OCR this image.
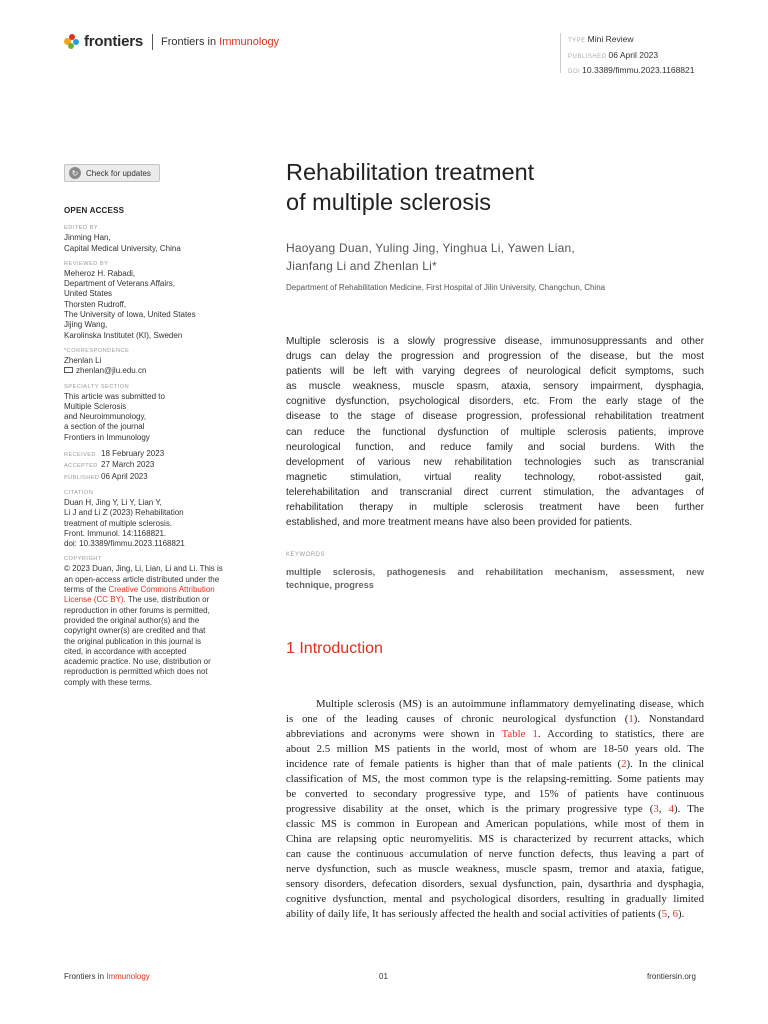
frontiers Frontiers in Immunology	TYPE Mini Review
PUBLISHED 06 April 2023
DOI 10.3389/fimmu.2023.1168821
↻ Check for updates
OPEN ACCESS
EDITED BY
Jinming Han,
Capital Medical University, China
REVIEWED BY
Meheroz H. Rabadi,
Department of Veterans Affairs,
United States
Thorsten Rudroff,
The University of Iowa, United States
Jijing Wang,
Karolinska Institutet (KI), Sweden
*CORRESPONDENCE
Zhenlan Li
zhenlan@jlu.edu.cn
SPECIALTY SECTION
This article was submitted to
Multiple Sclerosis
and Neuroimmunology,
a section of the journal
Frontiers in Immunology
RECEIVED 18 February 2023
ACCEPTED 27 March 2023
PUBLISHED 06 April 2023
CITATION
Duan H, Jing Y, Li Y, Lian Y,
Li J and Li Z (2023) Rehabilitation
treatment of multiple sclerosis.
Front. Immunol. 14:1168821.
doi: 10.3389/fimmu.2023.1168821
COPYRIGHT
© 2023 Duan, Jing, Li, Lian, Li and Li. This is
an open-access article distributed under the
terms of the Creative Commons Attribution
License (CC BY). The use, distribution or
reproduction in other forums is permitted,
provided the original author(s) and the
copyright owner(s) are credited and that
the original publication in this journal is
cited, in accordance with accepted
academic practice. No use, distribution or
reproduction is permitted which does not
comply with these terms.
Rehabilitation treatment
of multiple sclerosis
Haoyang Duan, Yuling Jing, Yinghua Li, Yawen Lian,
Jianfang Li and Zhenlan Li*
Department of Rehabilitation Medicine, First Hospital of Jilin University, Changchun, China
Multiple sclerosis is a slowly progressive disease, immunosuppressants and other
drugs can delay the progression and progression of the disease, but the most
patients will be left with varying degrees of neurological deficit symptoms, such
as muscle weakness, muscle spasm, ataxia, sensory impairment, dysphagia,
cognitive dysfunction, psychological disorders, etc. From the early stage of the
disease to the stage of disease progression, professional rehabilitation treatment
can reduce the functional dysfunction of multiple sclerosis patients, improve
neurological function, and reduce family and social burdens. With the
development of various new rehabilitation technologies such as transcranial
magnetic stimulation, virtual reality technology, robot-assisted gait,
telerehabilitation and transcranial direct current stimulation, the advantages of
rehabilitation therapy in multiple sclerosis treatment have been further
established, and more treatment means have also been provided for patients.
KEYWORDS
multiple sclerosis, pathogenesis and rehabilitation mechanism, assessment, new
technique, progress
1 Introduction
Multiple sclerosis (MS) is an autoimmune inflammatory demyelinating disease, which
is one of the leading causes of chronic neurological dysfunction (1). Nonstandard
abbreviations and acronyms were shown in Table 1. According to statistics, there are
about 2.5 million MS patients in the world, most of whom are 18-50 years old. The
incidence rate of female patients is higher than that of male patients (2). In the clinical
classification of MS, the most common type is the relapsing-remitting. Some patients may
be converted to secondary progressive type, and 15% of patients have continuous
progressive disability at the onset, which is the primary progressive type (3, 4). The
classic MS is common in European and American populations, while most of them in
China are relapsing optic neuromyelitis. MS is characterized by recurrent attacks, which
can cause the continuous accumulation of nerve function defects, thus leaving a part of
nerve dysfunction, such as muscle weakness, muscle spasm, tremor and ataxia, fatigue,
sensory disorders, defecation disorders, sexual dysfunction, pain, dysarthria and dysphagia,
cognitive dysfunction, mental and psychological disorders, resulting in gradually limited
ability of daily life, It has seriously affected the health and social activities of patients (5, 6).
Frontiers in Immunology	01	frontiersin.org
